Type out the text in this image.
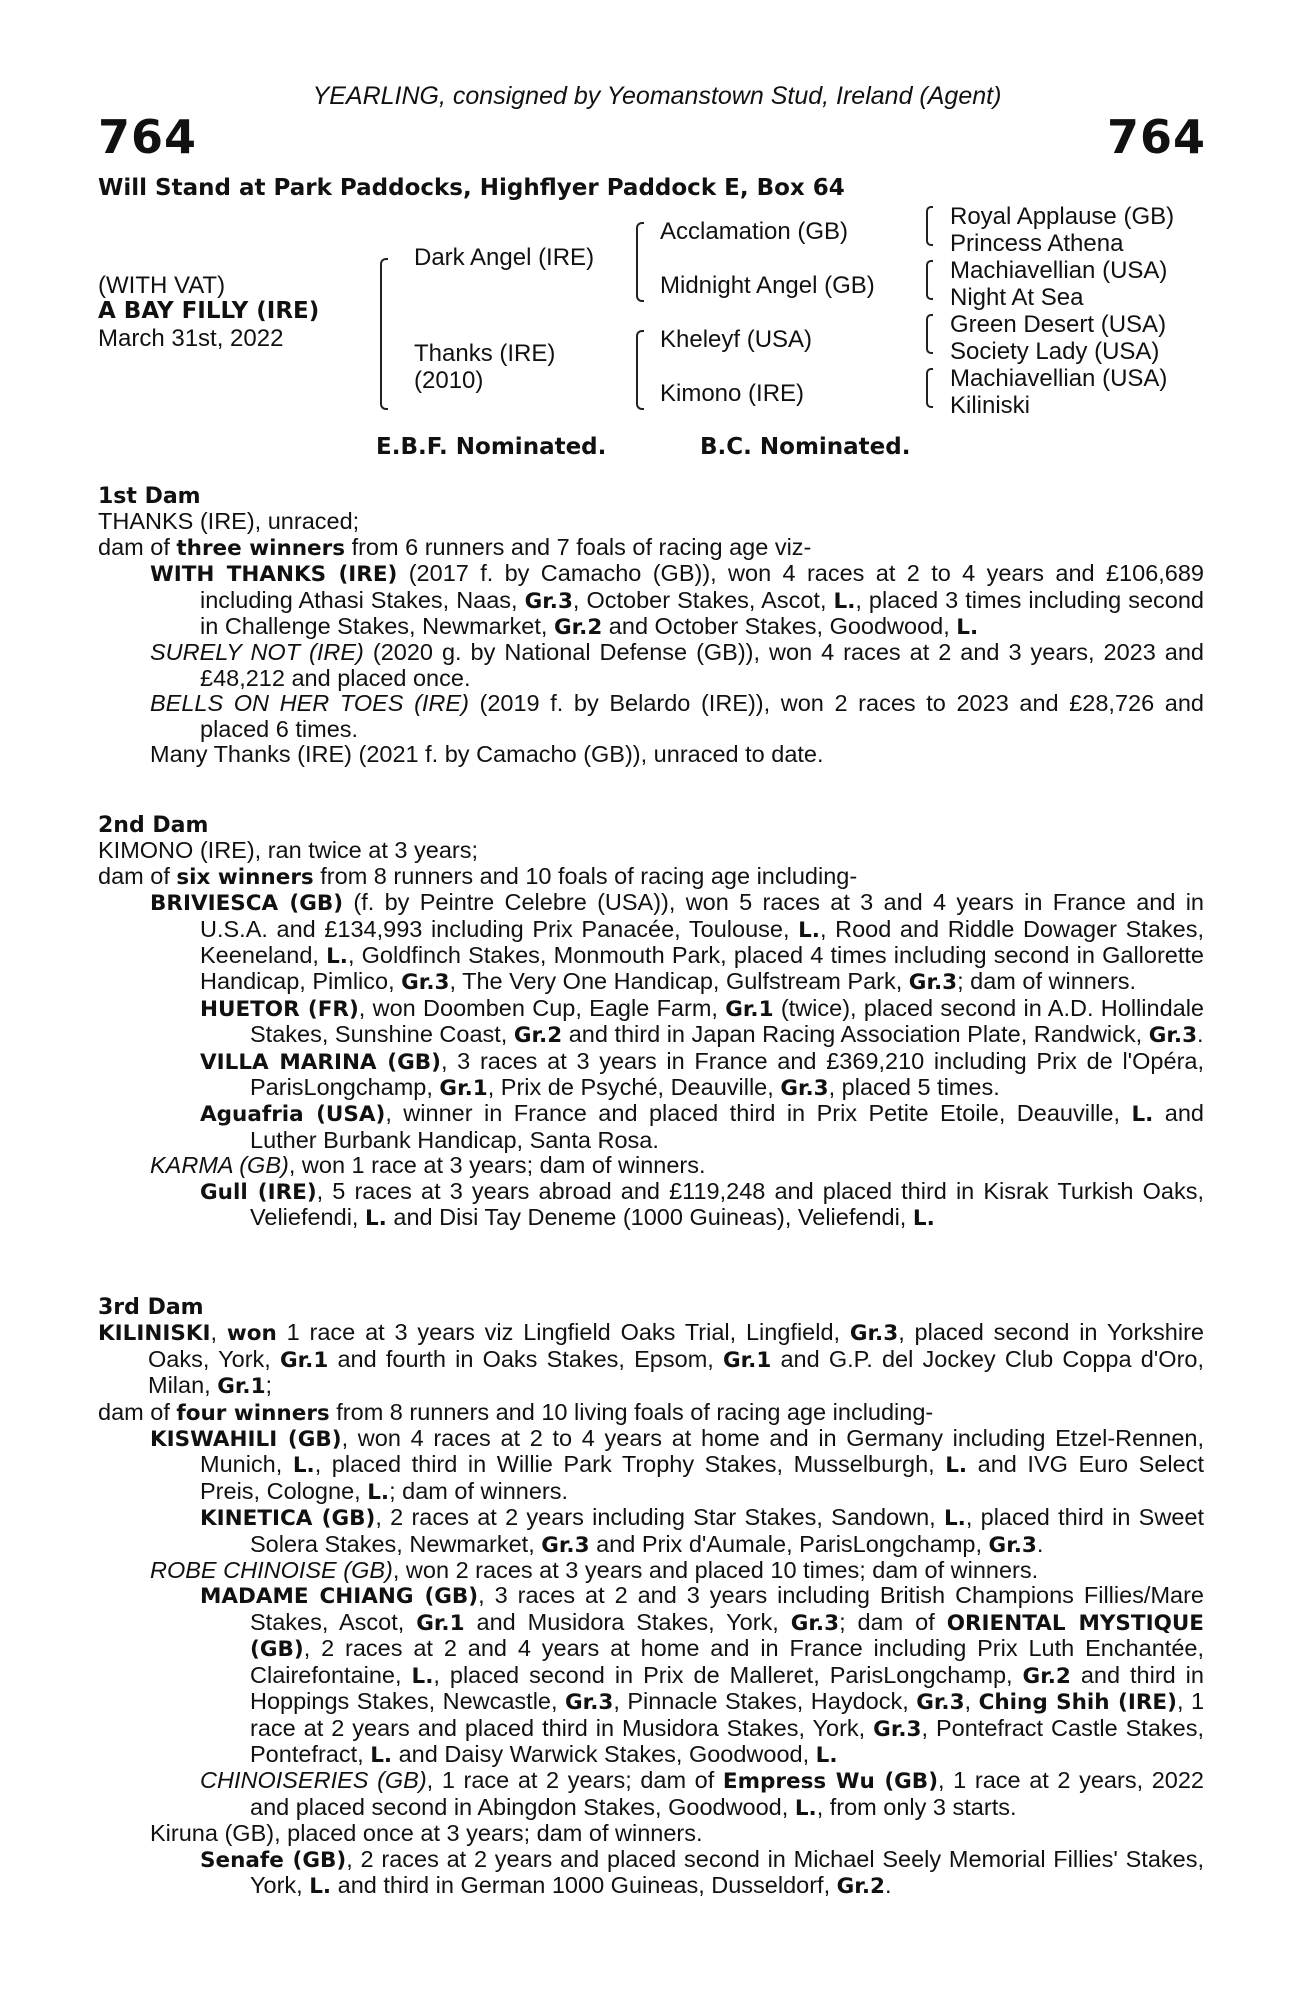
YEARLING, consigned by Yeomanstown Stud, Ireland (Agent)
764	764
Will Stand at Park Paddocks, Highflyer Paddock E, Box 64
(WITH VAT)
A BAY FILLY (IRE)
March 31st, 2022
Dark Angel (IRE)
Thanks (IRE)
(2010)
Acclamation (GB)
Midnight Angel (GB)
Kheleyf (USA)
Kimono (IRE)
Royal Applause (GB)
Princess Athena
Machiavellian (USA)
Night At Sea
Green Desert (USA)
Society Lady (USA)
Machiavellian (USA)
Kiliniski
E.B.F. Nominated.	B.C. Nominated.

1st Dam

THANKS (IRE), unraced;

dam of three winners from 6 runners and 7 foals of racing age viz-

WITH THANKS (IRE) (2017 f. by Camacho (GB)), won 4 races at 2 to 4 years and £106,689 including Athasi Stakes, Naas, Gr.3, October Stakes, Ascot, L., placed 3 times including second in Challenge Stakes, Newmarket, Gr.2 and October Stakes, Goodwood, L.

SURELY NOT (IRE) (2020 g. by National Defense (GB)), won 4 races at 2 and 3 years, 2023 and £48,212 and placed once.

BELLS ON HER TOES (IRE) (2019 f. by Belardo (IRE)), won 2 races to 2023 and £28,726 and placed 6 times.

Many Thanks (IRE) (2021 f. by Camacho (GB)), unraced to date.

2nd Dam

KIMONO (IRE), ran twice at 3 years;

dam of six winners from 8 runners and 10 foals of racing age including-

BRIVIESCA (GB) (f. by Peintre Celebre (USA)), won 5 races at 3 and 4 years in France and in U.S.A. and £134,993 including Prix Panacée, Toulouse, L., Rood and Riddle Dowager Stakes, Keeneland, L., Goldfinch Stakes, Monmouth Park, placed 4 times including second in Gallorette Handicap, Pimlico, Gr.3, The Very One Handicap, Gulfstream Park, Gr.3; dam of winners.

HUETOR (FR), won Doomben Cup, Eagle Farm, Gr.1 (twice), placed second in A.D. Hollindale Stakes, Sunshine Coast, Gr.2 and third in Japan Racing Association Plate, Randwick, Gr.3.

VILLA MARINA (GB), 3 races at 3 years in France and £369,210 including Prix de l'Opéra, ParisLongchamp, Gr.1, Prix de Psyché, Deauville, Gr.3, placed 5 times.

Aguafria (USA), winner in France and placed third in Prix Petite Etoile, Deauville, L. and Luther Burbank Handicap, Santa Rosa.

KARMA (GB), won 1 race at 3 years; dam of winners.

Gull (IRE), 5 races at 3 years abroad and £119,248 and placed third in Kisrak Turkish Oaks, Veliefendi, L. and Disi Tay Deneme (1000 Guineas), Veliefendi, L.

3rd Dam

KILINISKI, won 1 race at 3 years viz Lingfield Oaks Trial, Lingfield, Gr.3, placed second in Yorkshire Oaks, York, Gr.1 and fourth in Oaks Stakes, Epsom, Gr.1 and G.P. del Jockey Club Coppa d'Oro, Milan, Gr.1;

dam of four winners from 8 runners and 10 living foals of racing age including-

KISWAHILI (GB), won 4 races at 2 to 4 years at home and in Germany including Etzel-Rennen, Munich, L., placed third in Willie Park Trophy Stakes, Musselburgh, L. and IVG Euro Select Preis, Cologne, L.; dam of winners.

KINETICA (GB), 2 races at 2 years including Star Stakes, Sandown, L., placed third in Sweet Solera Stakes, Newmarket, Gr.3 and Prix d'Aumale, ParisLongchamp, Gr.3.

ROBE CHINOISE (GB), won 2 races at 3 years and placed 10 times; dam of winners.

MADAME CHIANG (GB), 3 races at 2 and 3 years including British Champions Fillies/Mare Stakes, Ascot, Gr.1 and Musidora Stakes, York, Gr.3; dam of ORIENTAL MYSTIQUE (GB), 2 races at 2 and 4 years at home and in France including Prix Luth Enchantée, Clairefontaine, L., placed second in Prix de Malleret, ParisLongchamp, Gr.2 and third in Hoppings Stakes, Newcastle, Gr.3, Pinnacle Stakes, Haydock, Gr.3, Ching Shih (IRE), 1 race at 2 years and placed third in Musidora Stakes, York, Gr.3, Pontefract Castle Stakes, Pontefract, L. and Daisy Warwick Stakes, Goodwood, L.

CHINOISERIES (GB), 1 race at 2 years; dam of Empress Wu (GB), 1 race at 2 years, 2022 and placed second in Abingdon Stakes, Goodwood, L., from only 3 starts.

Kiruna (GB), placed once at 3 years; dam of winners.

Senafe (GB), 2 races at 2 years and placed second in Michael Seely Memorial Fillies' Stakes, York, L. and third in German 1000 Guineas, Dusseldorf, Gr.2.
